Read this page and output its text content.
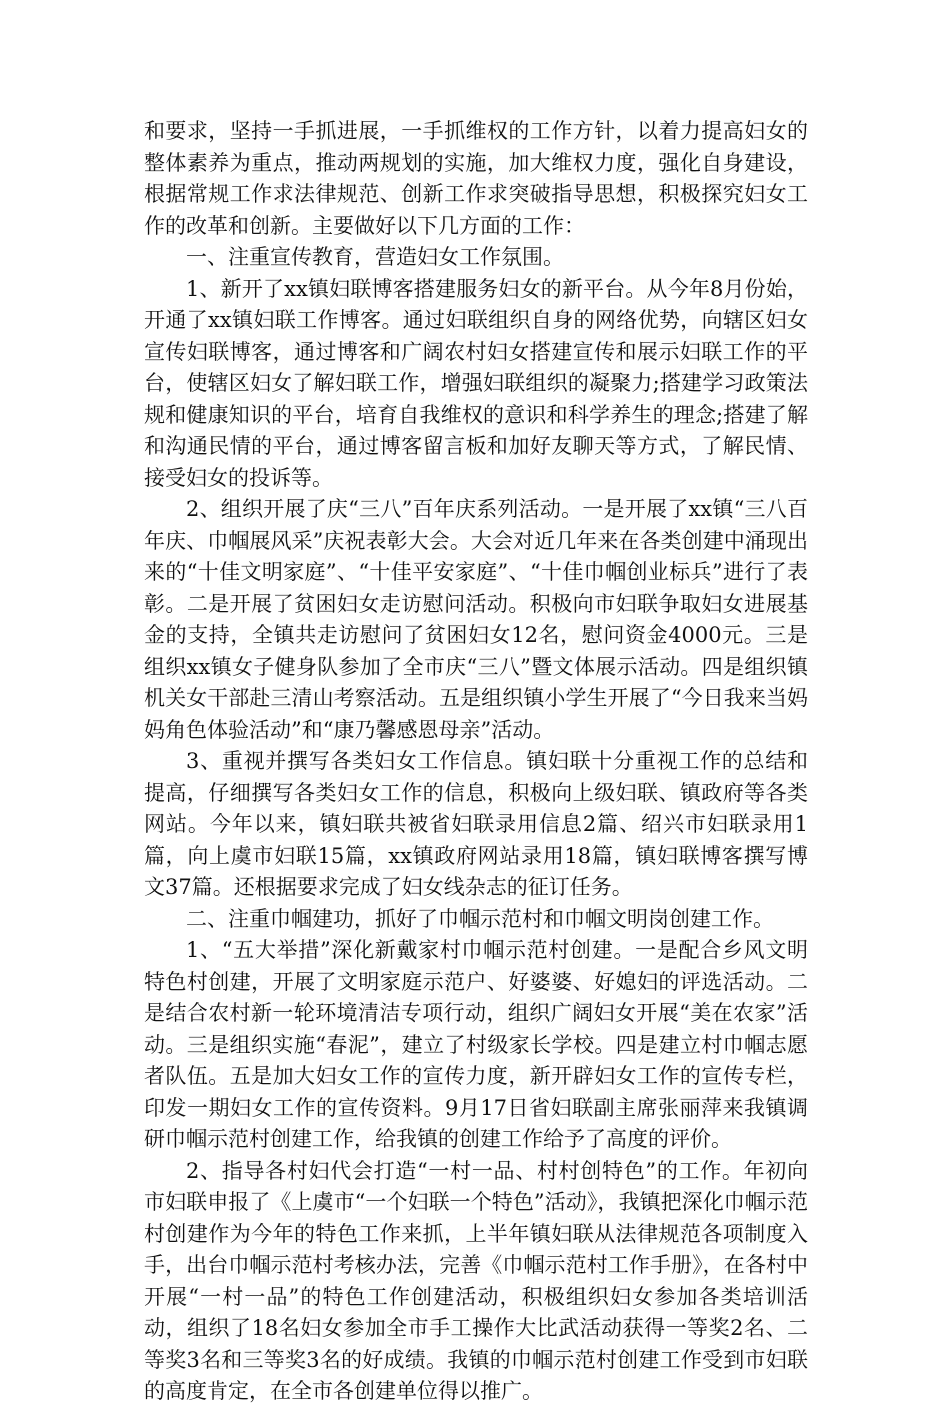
和要求，坚持一手抓进展，一手抓维权的工作方针，以着力提高妇女的整体素养为重点，推动两规划的实施，加大维权力度，强化自身建设，根据常规工作求法律规范、创新工作求突破指导思想，积极探究妇女工作的改革和创新。主要做好以下几方面的工作：

一、注重宣传教育，营造妇女工作氛围。

1、新开了xx镇妇联博客搭建服务妇女的新平台。从今年8月份始，开通了xx镇妇联工作博客。通过妇联组织自身的网络优势，向辖区妇女宣传妇联博客，通过博客和广阔农村妇女搭建宣传和展示妇联工作的平台，使辖区妇女了解妇联工作，增强妇联组织的凝聚力;搭建学习政策法规和健康知识的平台，培育自我维权的意识和科学养生的理念;搭建了解和沟通民情的平台，通过博客留言板和加好友聊天等方式，了解民情、接受妇女的投诉等。

2、组织开展了庆“三八”百年庆系列活动。一是开展了xx镇“三八百年庆、巾帼展风采”庆祝表彰大会。大会对近几年来在各类创建中涌现出来的“十佳文明家庭”、“十佳平安家庭”、“十佳巾帼创业标兵”进行了表彰。二是开展了贫困妇女走访慰问活动。积极向市妇联争取妇女进展基金的支持，全镇共走访慰问了贫困妇女12名，慰问资金4000元。三是组织xx镇女子健身队参加了全市庆“三八”暨文体展示活动。四是组织镇机关女干部赴三清山考察活动。五是组织镇小学生开展了“今日我来当妈妈角色体验活动”和“康乃馨感恩母亲”活动。

3、重视并撰写各类妇女工作信息。镇妇联十分重视工作的总结和提高，仔细撰写各类妇女工作的信息，积极向上级妇联、镇政府等各类网站。今年以来，镇妇联共被省妇联录用信息2篇、绍兴市妇联录用1篇，向上虞市妇联15篇，xx镇政府网站录用18篇，镇妇联博客撰写博文37篇。还根据要求完成了妇女线杂志的征订任务。

二、注重巾帼建功，抓好了巾帼示范村和巾帼文明岗创建工作。

1、“五大举措”深化新戴家村巾帼示范村创建。一是配合乡风文明特色村创建，开展了文明家庭示范户、好婆婆、好媳妇的评选活动。二是结合农村新一轮环境清洁专项行动，组织广阔妇女开展“美在农家”活动。三是组织实施“春泥”，建立了村级家长学校。四是建立村巾帼志愿者队伍。五是加大妇女工作的宣传力度，新开辟妇女工作的宣传专栏，印发一期妇女工作的宣传资料。9月17日省妇联副主席张丽萍来我镇调研巾帼示范村创建工作，给我镇的创建工作给予了高度的评价。

2、指导各村妇代会打造“一村一品、村村创特色”的工作。年初向市妇联申报了《上虞市“一个妇联一个特色”活动》，我镇把深化巾帼示范村创建作为今年的特色工作来抓，上半年镇妇联从法律规范各项制度入手，出台巾帼示范村考核办法，完善《巾帼示范村工作手册》，在各村中开展“一村一品”的特色工作创建活动，积极组织妇女参加各类培训活动，组织了18名妇女参加全市手工操作大比武活动获得一等奖2名、二等奖3名和三等奖3名的好成绩。我镇的巾帼示范村创建工作受到市妇联的高度肯定，在全市各创建单位得以推广。
